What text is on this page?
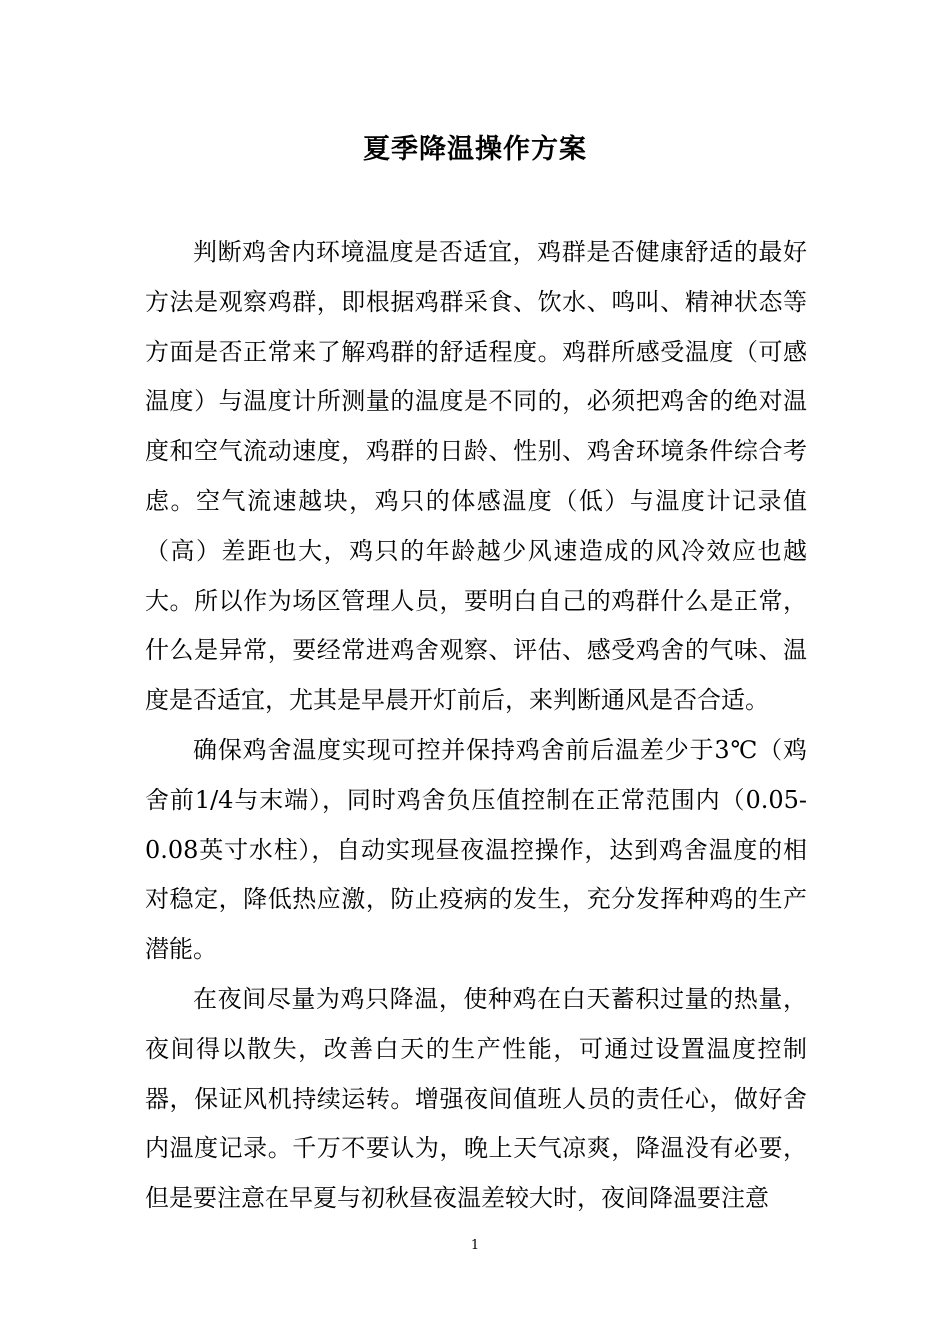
夏季降温操作方案

判断鸡舍内环境温度是否适宜，鸡群是否健康舒适的最好方法是观察鸡群，即根据鸡群采食、饮水、鸣叫、精神状态等方面是否正常来了解鸡群的舒适程度。鸡群所感受温度（可感温度）与温度计所测量的温度是不同的，必须把鸡舍的绝对温度和空气流动速度，鸡群的日龄、性别、鸡舍环境条件综合考虑。空气流速越块，鸡只的体感温度（低）与温度计记录值（高）差距也大，鸡只的年龄越少风速造成的风冷效应也越大。所以作为场区管理人员，要明白自己的鸡群什么是正常，什么是异常，要经常进鸡舍观察、评估、感受鸡舍的气味、温度是否适宜，尤其是早晨开灯前后，来判断通风是否合适。

确保鸡舍温度实现可控并保持鸡舍前后温差少于3℃（鸡舍前1/4与末端），同时鸡舍负压值控制在正常范围内（0.05-0.08英寸水柱），自动实现昼夜温控操作，达到鸡舍温度的相对稳定，降低热应激，防止疫病的发生，充分发挥种鸡的生产潜能。

在夜间尽量为鸡只降温，使种鸡在白天蓄积过量的热量，夜间得以散失，改善白天的生产性能，可通过设置温度控制器，保证风机持续运转。增强夜间值班人员的责任心，做好舍内温度记录。千万不要认为，晚上天气凉爽，降温没有必要，但是要注意在早夏与初秋昼夜温差较大时，夜间降温要注意

1
